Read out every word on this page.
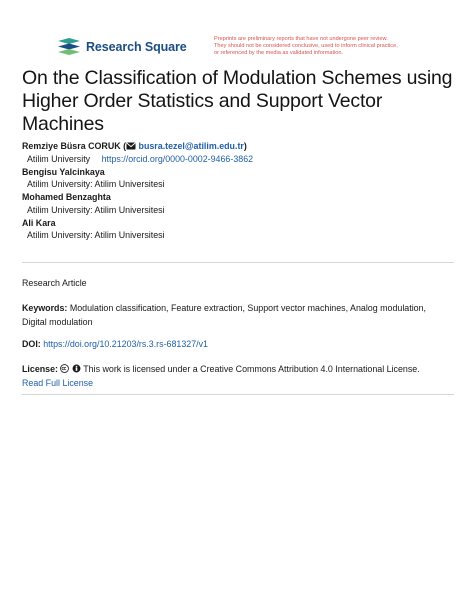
Research Square
Preprints are preliminary reports that have not undergone peer review.
They should not be considered conclusive, used to inform clinical practice,
or referenced by the media as validated information.
On the Classification of Modulation Schemes using
Higher Order Statistics and Support Vector
Machines
Remziye Büsra CORUK ( busra.tezel@atilim.edu.tr)
Atilim University https://orcid.org/0000-0002-9466-3862
Bengisu Yalcinkaya
Atilim University: Atilim Universitesi
Mohamed Benzaghta
Atilim University: Atilim Universitesi
Ali Kara
Atilim University: Atilim Universitesi
Research Article
Keywords: Modulation classification, Feature extraction, Support vector machines, Analog modulation, Digital modulation
DOI: https://doi.org/10.21203/rs.3.rs-681327/v1
License:	This work is licensed under a Creative Commons Attribution 4.0 International License.
Read Full License
